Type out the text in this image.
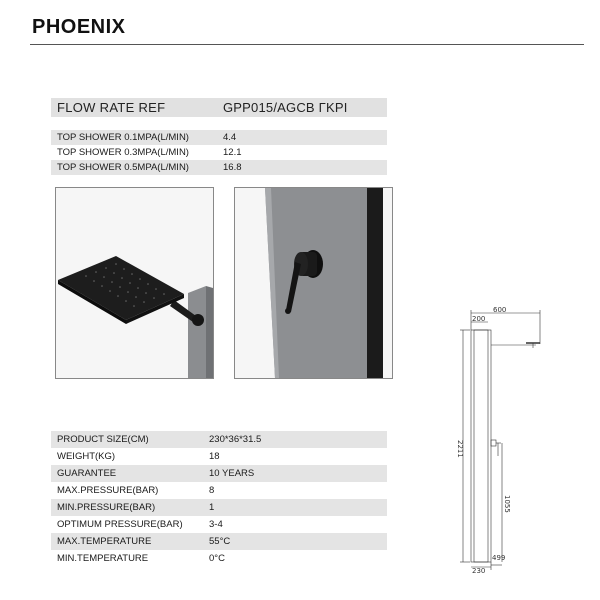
PHOENIX
FLOW RATE REF	GPP015/AGCB ΓKPI
TOP SHOWER 0.1MPA(L/MIN)	4.4
TOP SHOWER 0.3MPA(L/MIN)	12.1
TOP SHOWER 0.5MPA(L/MIN)	16.8
PRODUCT SIZE(CM)	230*36*31.5
WEIGHT(KG)	18
GUARANTEE	10 YEARS
MAX.PRESSURE(BAR)	8
MIN.PRESSURE(BAR)	1
OPTIMUM PRESSURE(BAR)	3-4
MAX.TEMPERATURE	55°C
MIN.TEMPERATURE	0°C
600
200
2211
1055
230
499
